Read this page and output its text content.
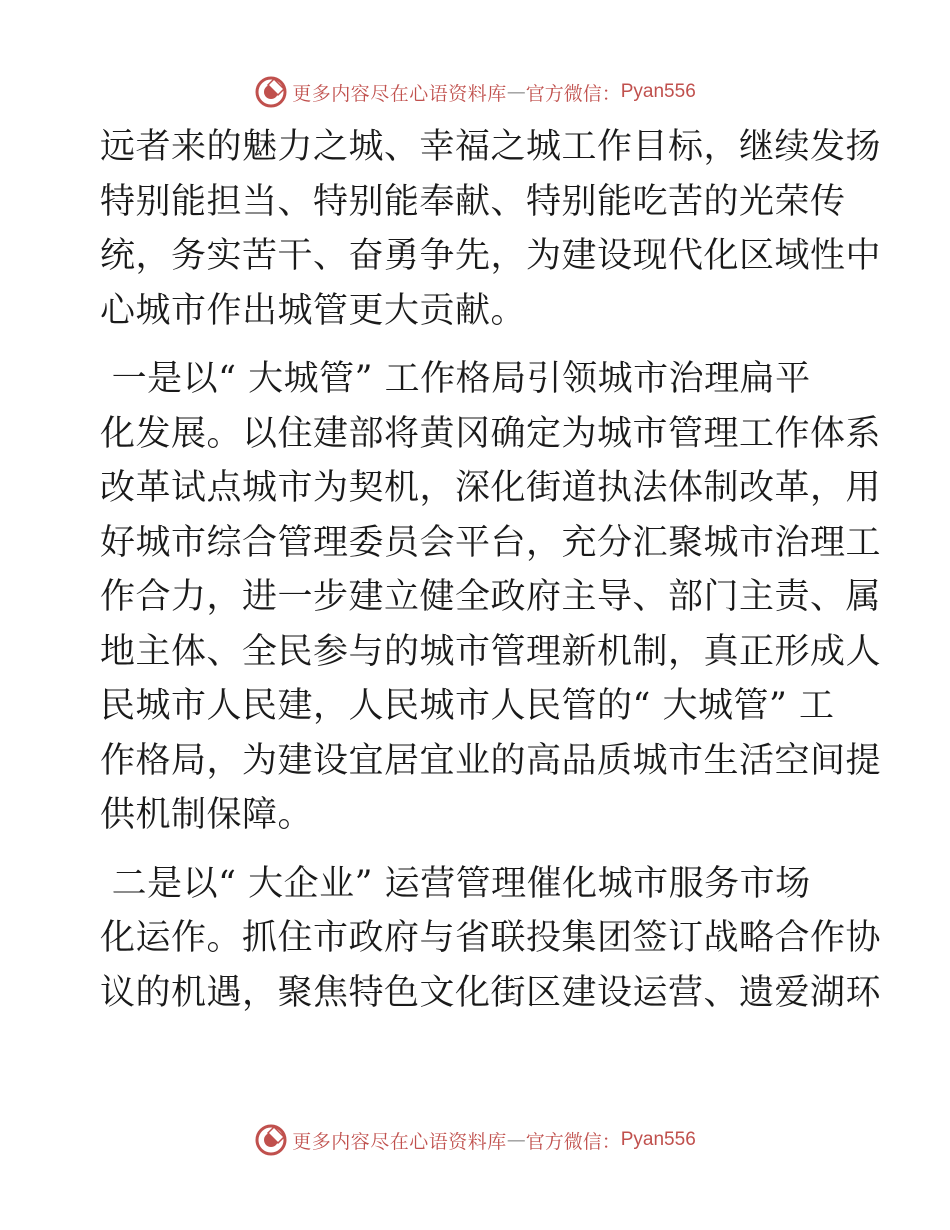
更多内容尽在心语资料库 — 官方微信： Pyan556

远者来的魅力之城、幸福之城工作目标，继续发扬
特别能担当、特别能奉献、特别能吃苦的光荣传
统，务实苦干、奋勇争先，为建设现代化区域性中
心城市作出城管更大贡献。

一是以“ 大城管” 工作格局引领城市治理扁平
化发展。以住建部将黄冈确定为城市管理工作体系
改革试点城市为契机，深化街道执法体制改革，用
好城市综合管理委员会平台，充分汇聚城市治理工
作合力，进一步建立健全政府主导、部门主责、属
地主体、全民参与的城市管理新机制，真正形成人
民城市人民建，人民城市人民管的“ 大城管” 工
作格局，为建设宜居宜业的高品质城市生活空间提
供机制保障。

二是以“ 大企业” 运营管理催化城市服务市场
化运作。抓住市政府与省联投集团签订战略合作协
议的机遇，聚焦特色文化街区建设运营、遗爱湖环

更多内容尽在心语资料库 — 官方微信： Pyan556
